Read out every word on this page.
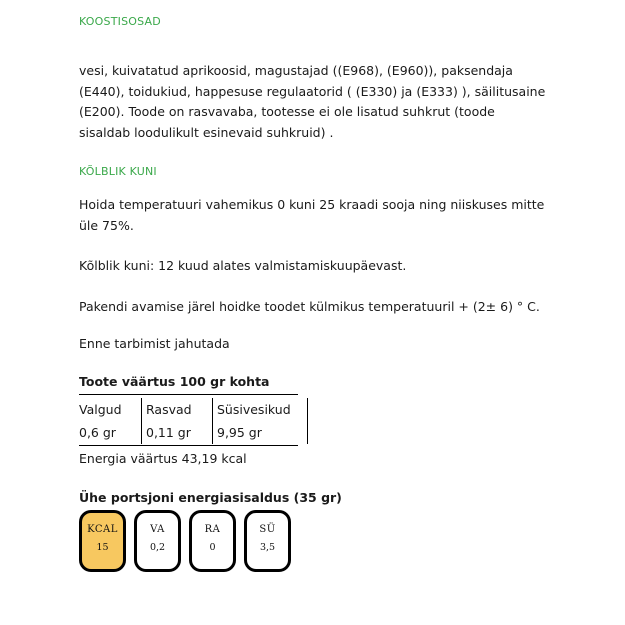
KOOSTISOSAD

vesi, kuivatatud aprikoosid, magustajad ((E968), (E960)), paksendaja (E440), toidukiud, happesuse regulaatorid ( (E330) ja (E333) ), säilitusaine (E200). Toode on rasvavaba, tootesse ei ole lisatud suhkrut (toode sisaldab loodulikult esinevaid suhkruid) .

KÕLBLIK KUNI

Hoida temperatuuri vahemikus 0 kuni 25 kraadi sooja ning niiskuses mitte üle 75%.

Kõlblik kuni: 12 kuud alates valmistamiskuupäevast.

Pakendi avamise järel hoidke toodet külmikus temperatuuril + (2± 6) ° C.

Enne tarbimist jahutada

Toote väärtus 100 gr kohta
Valgud	Rasvad	Süsivesikud
0,6 gr	0,11 gr	9,95 gr
Energia väärtus 43,19 kcal
Ühe portsjoni energiasisaldus (35 gr)
KCAL
15
VA
0,2
RA
0
SÜ
3,5
